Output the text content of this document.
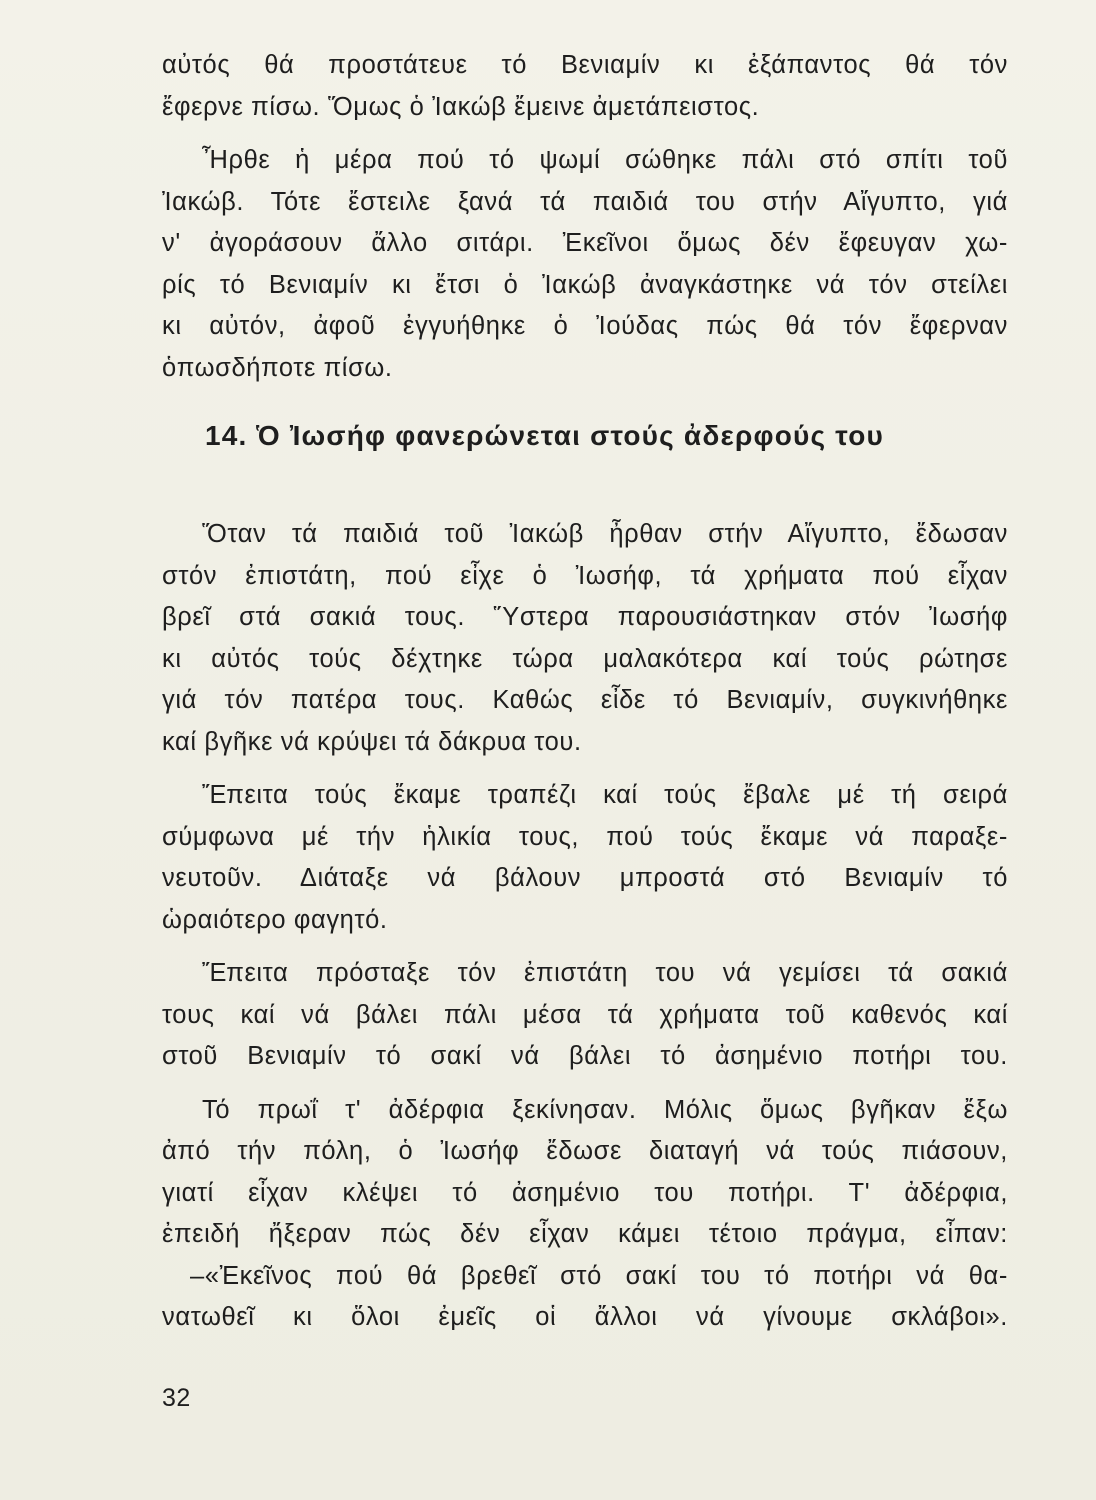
αὐτός θά προστάτευε τό Βενιαμίν κι ἐξάπαντος θά τόν
ἔφερνε πίσω. Ὅμως ὁ Ἰακώβ ἔμεινε ἀμετάπειστος.

Ἦρθε ἡ μέρα πού τό ψωμί σώθηκε πάλι στό σπίτι τοῦ
Ἰακώβ. Τότε ἔστειλε ξανά τά παιδιά του στήν Αἴγυπτο, γιά
ν' ἀγοράσουν ἄλλο σιτάρι. Ἐκεῖνοι ὅμως δέν ἔφευγαν χω-
ρίς τό Βενιαμίν κι ἔτσι ὁ Ἰακώβ ἀναγκάστηκε νά τόν στείλει
κι αὐτόν, ἀφοῦ ἐγγυήθηκε ὁ Ἰούδας πώς θά τόν ἔφερναν
ὁπωσδήποτε πίσω.

14. Ὁ Ἰωσήφ φανερώνεται στούς ἀδερφούς του

Ὅταν τά παιδιά τοῦ Ἰακώβ ἦρθαν στήν Αἴγυπτο, ἔδωσαν
στόν ἐπιστάτη, πού εἶχε ὁ Ἰωσήφ, τά χρήματα πού εἶχαν
βρεῖ στά σακιά τους. Ὕστερα παρουσιάστηκαν στόν Ἰωσήφ
κι αὐτός τούς δέχτηκε τώρα μαλακότερα καί τούς ρώτησε
γιά τόν πατέρα τους. Καθώς εἶδε τό Βενιαμίν, συγκινήθηκε
καί βγῆκε νά κρύψει τά δάκρυα του.

Ἔπειτα τούς ἔκαμε τραπέζι καί τούς ἔβαλε μέ τή σειρά
σύμφωνα μέ τήν ἡλικία τους, πού τούς ἔκαμε νά παραξε-
νευτοῦν. Διάταξε νά βάλουν μπροστά στό Βενιαμίν τό
ὡραιότερο φαγητό.

Ἔπειτα πρόσταξε τόν ἐπιστάτη του νά γεμίσει τά σακιά
τους καί νά βάλει πάλι μέσα τά χρήματα τοῦ καθενός καί
στοῦ Βενιαμίν τό σακί νά βάλει τό ἀσημένιο ποτήρι του.

Τό πρωΐ τ' ἀδέρφια ξεκίνησαν. Μόλις ὅμως βγῆκαν ἔξω
ἀπό τήν πόλη, ὁ Ἰωσήφ ἔδωσε διαταγή νά τούς πιάσουν,
γιατί εἶχαν κλέψει τό ἀσημένιο του ποτήρι. Τ' ἀδέρφια,
ἐπειδή ἤξεραν πώς δέν εἶχαν κάμει τέτοιο πράγμα, εἶπαν:
–«Ἐκεῖνος πού θά βρεθεῖ στό σακί του τό ποτήρι νά θα-
νατωθεῖ κι ὅλοι ἐμεῖς οἱ ἄλλοι νά γίνουμε σκλάβοι».

32
